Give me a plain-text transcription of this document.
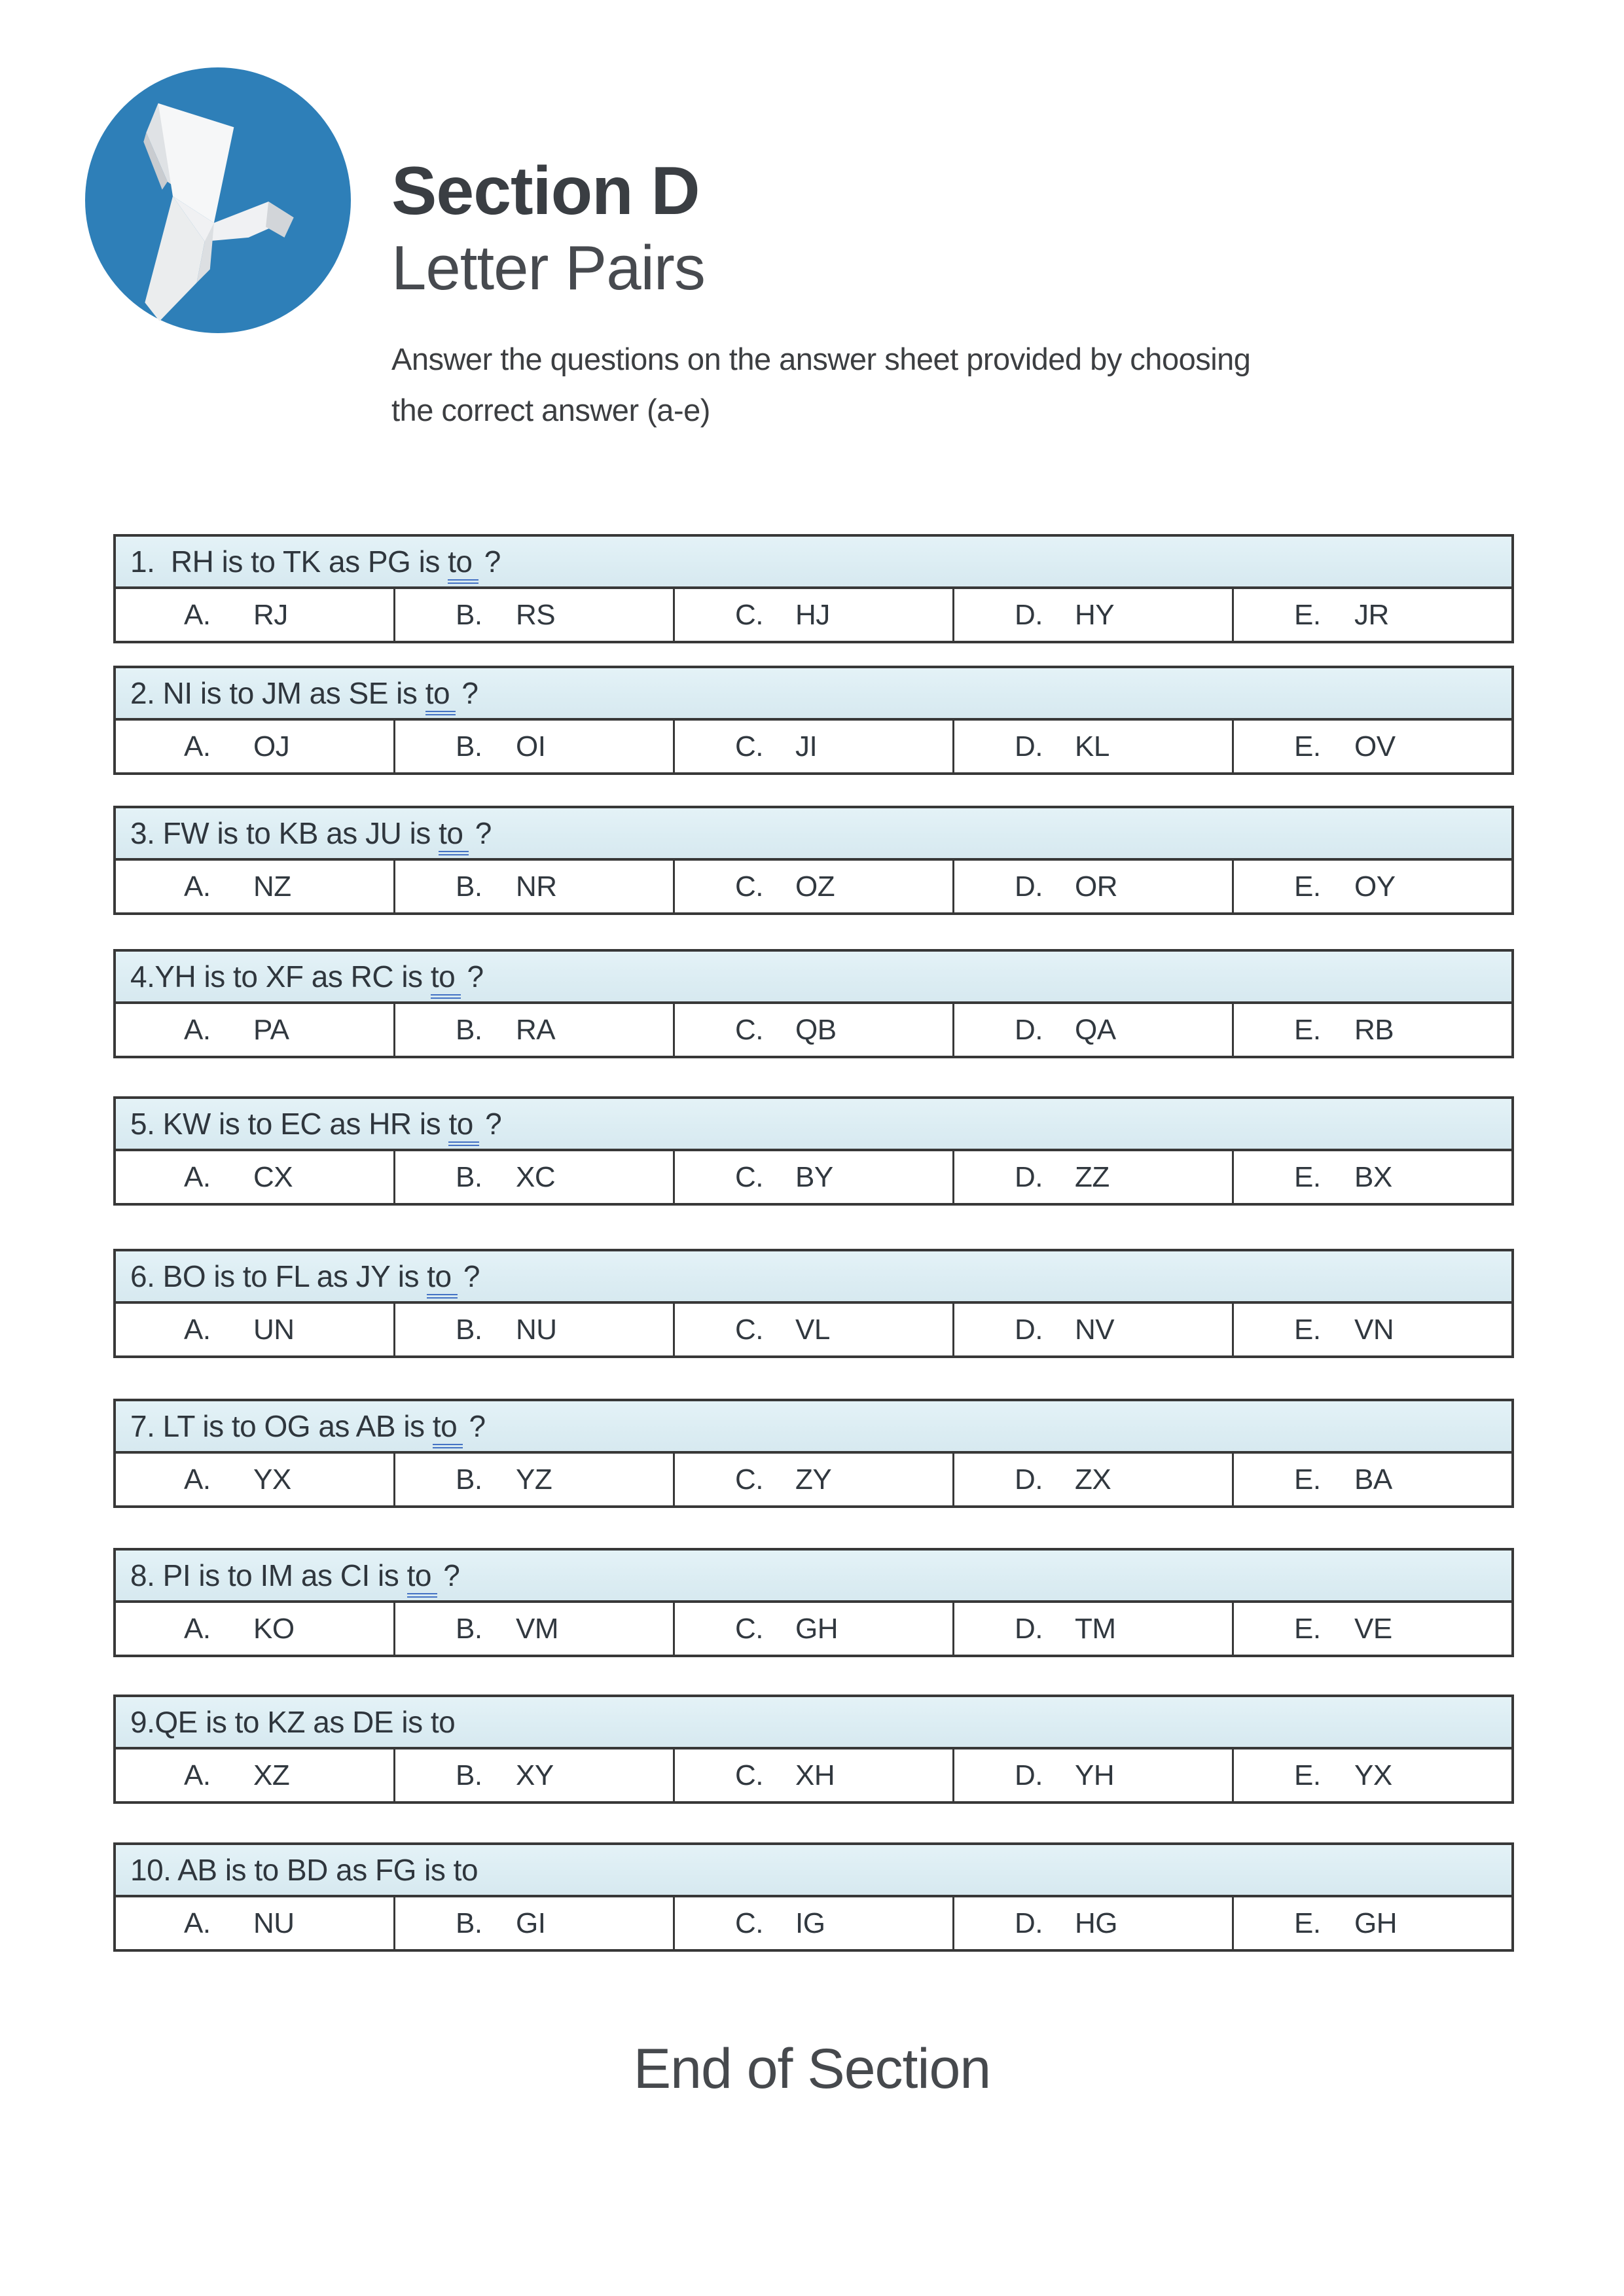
Section D
Letter Pairs
Answer the questions on the answer sheet provided by choosing
the correct answer (a-e)
1.  RH is to TK as PG is to ?
A.	RJ	B.	RS	C.	HJ	D.	HY	E.	JR
2. NI is to JM as SE is to ?
A.	OJ	B.	OI	C.	JI	D.	KL	E.	OV
3. FW is to KB as JU is to ?
A.	NZ	B.	NR	C.	OZ	D.	OR	E.	OY
4.YH is to XF as RC is to ?
A.	PA	B.	RA	C.	QB	D.	QA	E.	RB
5. KW is to EC as HR is to ?
A.	CX	B.	XC	C.	BY	D.	ZZ	E.	BX
6. BO is to FL as JY is to ?
A.	UN	B.	NU	C.	VL	D.	NV	E.	VN
7. LT is to OG as AB is to ?
A.	YX	B.	YZ	C.	ZY	D.	ZX	E.	BA
8. PI is to IM as CI is to ?
A.	KO	B.	VM	C.	GH	D.	TM	E.	VE
9.QE is to KZ as DE is to
A.	XZ	B.	XY	C.	XH	D.	YH	E.	YX
10. AB is to BD as FG is to
A.	NU	B.	GI	C.	IG	D.	HG	E.	GH
End of Section
